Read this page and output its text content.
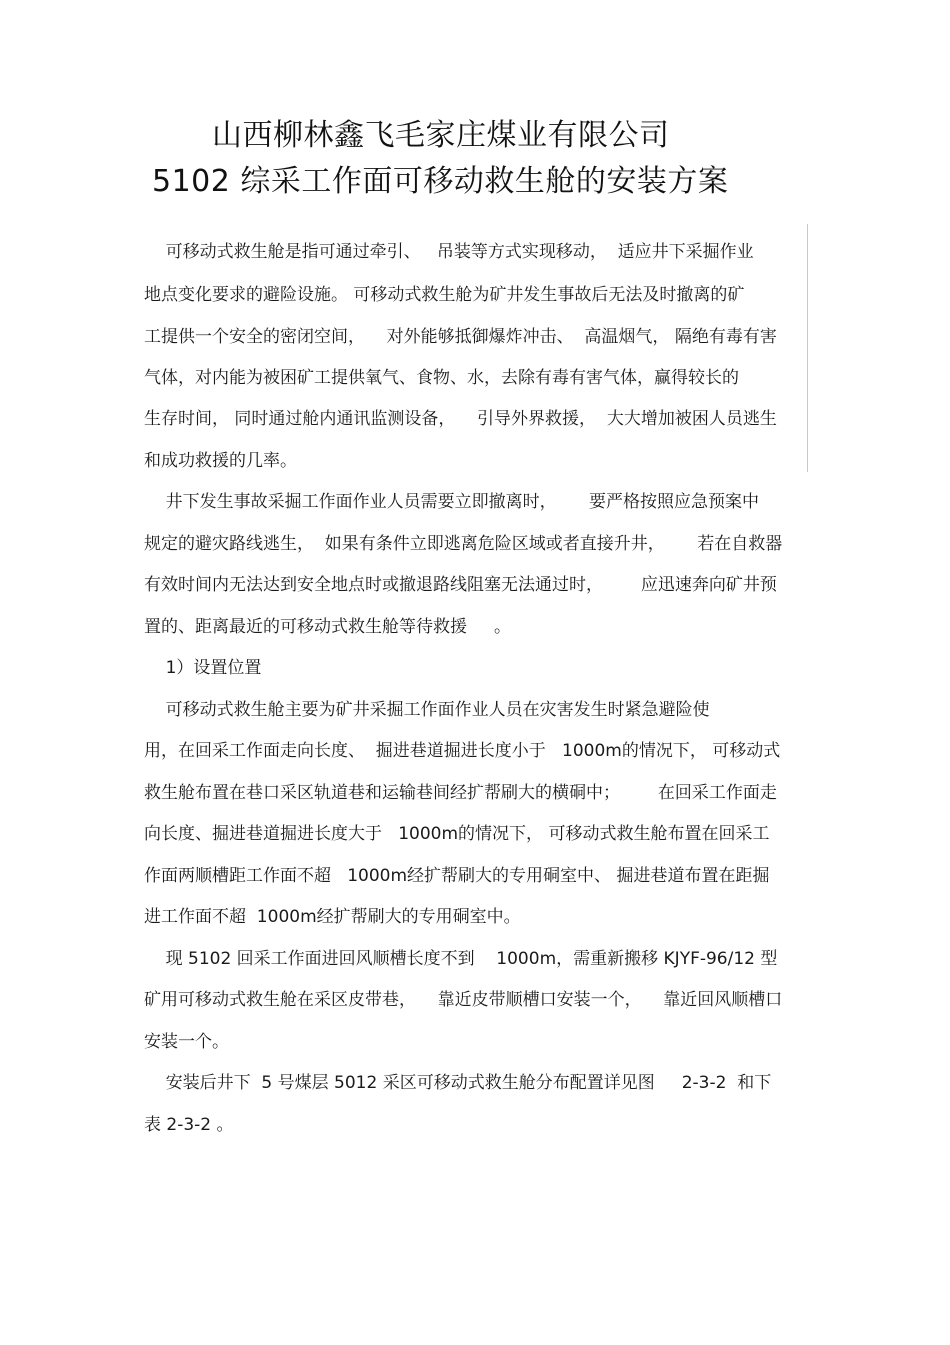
山西柳林鑫飞毛家庄煤业有限公司
5102 综采工作面可移动救生舱的安装方案
可移动式救生舱是指可通过牵引、   吊装等方式实现移动，  适应井下采掘作业
地点变化要求的避险设施。 可移动式救生舱为矿井发生事故后无法及时撤离的矿
工提供一个安全的密闭空间，    对外能够抵御爆炸冲击、  高温烟气， 隔绝有毒有害
气体，对内能为被困矿工提供氧气、食物、水，去除有毒有害气体，赢得较长的
生存时间， 同时通过舱内通讯监测设备，    引导外界救援，  大大增加被困人员逃生
和成功救援的几率。
井下发生事故采掘工作面作业人员需要立即撤离时，      要严格按照应急预案中
规定的避灾路线逃生，  如果有条件立即逃离危险区域或者直接升井，      若在自救器
有效时间内无法达到安全地点时或撤退路线阻塞无法通过时，       应迅速奔向矿井预
置的、距离最近的可移动式救生舱等待救援     。
1）设置位置
可移动式救生舱主要为矿井采掘工作面作业人员在灾害发生时紧急避险使
用，在回采工作面走向长度、  掘进巷道掘进长度小于   1000m的情况下， 可移动式
救生舱布置在巷口采区轨道巷和运输巷间经扩帮刷大的横硐中；       在回采工作面走
向长度、掘进巷道掘进长度大于   1000m的情况下， 可移动式救生舱布置在回采工
作面两顺槽距工作面不超   1000m经扩帮刷大的专用硐室中、 掘进巷道布置在距掘
进工作面不超  1000m经扩帮刷大的专用硐室中。
现 5102 回采工作面进回风顺槽长度不到    1000m，需重新搬移 KJYF-96/12 型
矿用可移动式救生舱在采区皮带巷，    靠近皮带顺槽口安装一个，    靠近回风顺槽口
安装一个。
安装后井下  5 号煤层 5012 采区可移动式救生舱分布配置详见图     2-3-2  和下
表 2-3-2 。
